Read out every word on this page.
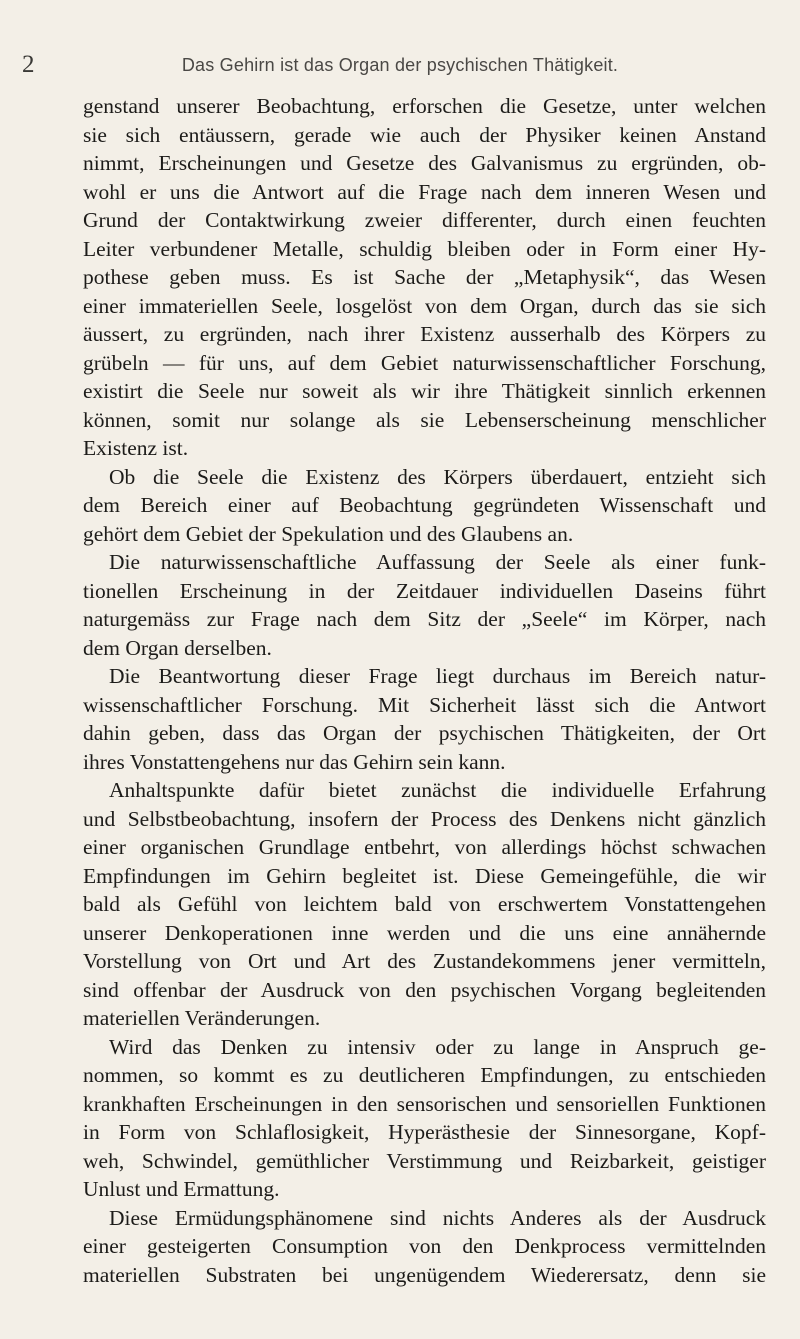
2	Das Gehirn ist das Organ der psychischen Thätigkeit.
genstand unserer Beobachtung, erforschen die Gesetze, unter welchen
sie sich entäussern, gerade wie auch der Physiker keinen Anstand
nimmt, Erscheinungen und Gesetze des Galvanismus zu ergründen, ob-
wohl er uns die Antwort auf die Frage nach dem inneren Wesen und
Grund der Contaktwirkung zweier differenter, durch einen feuchten
Leiter verbundener Metalle, schuldig bleiben oder in Form einer Hy-
pothese geben muss. Es ist Sache der „Metaphysik“, das Wesen
einer immateriellen Seele, losgelöst von dem Organ, durch das sie sich
äussert, zu ergründen, nach ihrer Existenz ausserhalb des Körpers zu
grübeln — für uns, auf dem Gebiet naturwissenschaftlicher Forschung,
existirt die Seele nur soweit als wir ihre Thätigkeit sinnlich erkennen
können, somit nur solange als sie Lebenserscheinung menschlicher
Existenz ist.
Ob die Seele die Existenz des Körpers überdauert, entzieht sich
dem Bereich einer auf Beobachtung gegründeten Wissenschaft und
gehört dem Gebiet der Spekulation und des Glaubens an.
Die naturwissenschaftliche Auffassung der Seele als einer funk-
tionellen Erscheinung in der Zeitdauer individuellen Daseins führt
naturgemäss zur Frage nach dem Sitz der „Seele“ im Körper, nach
dem Organ derselben.
Die Beantwortung dieser Frage liegt durchaus im Bereich natur-
wissenschaftlicher Forschung. Mit Sicherheit lässt sich die Antwort
dahin geben, dass das Organ der psychischen Thätigkeiten, der Ort
ihres Vonstattengehens nur das Gehirn sein kann.
Anhaltspunkte dafür bietet zunächst die individuelle Erfahrung
und Selbstbeobachtung, insofern der Process des Denkens nicht gänzlich
einer organischen Grundlage entbehrt, von allerdings höchst schwachen
Empfindungen im Gehirn begleitet ist. Diese Gemeingefühle, die wir
bald als Gefühl von leichtem bald von erschwertem Vonstattengehen
unserer Denkoperationen inne werden und die uns eine annähernde
Vorstellung von Ort und Art des Zustandekommens jener vermitteln,
sind offenbar der Ausdruck von den psychischen Vorgang begleitenden
materiellen Veränderungen.
Wird das Denken zu intensiv oder zu lange in Anspruch ge-
nommen, so kommt es zu deutlicheren Empfindungen, zu entschieden
krankhaften Erscheinungen in den sensorischen und sensoriellen Funktionen
in Form von Schlaflosigkeit, Hyperästhesie der Sinnesorgane, Kopf-
weh, Schwindel, gemüthlicher Verstimmung und Reizbarkeit, geistiger
Unlust und Ermattung.
Diese Ermüdungsphänomene sind nichts Anderes als der Ausdruck
einer gesteigerten Consumption von den Denkprocess vermittelnden
materiellen Substraten bei ungenügendem Wiederersatz, denn sie
